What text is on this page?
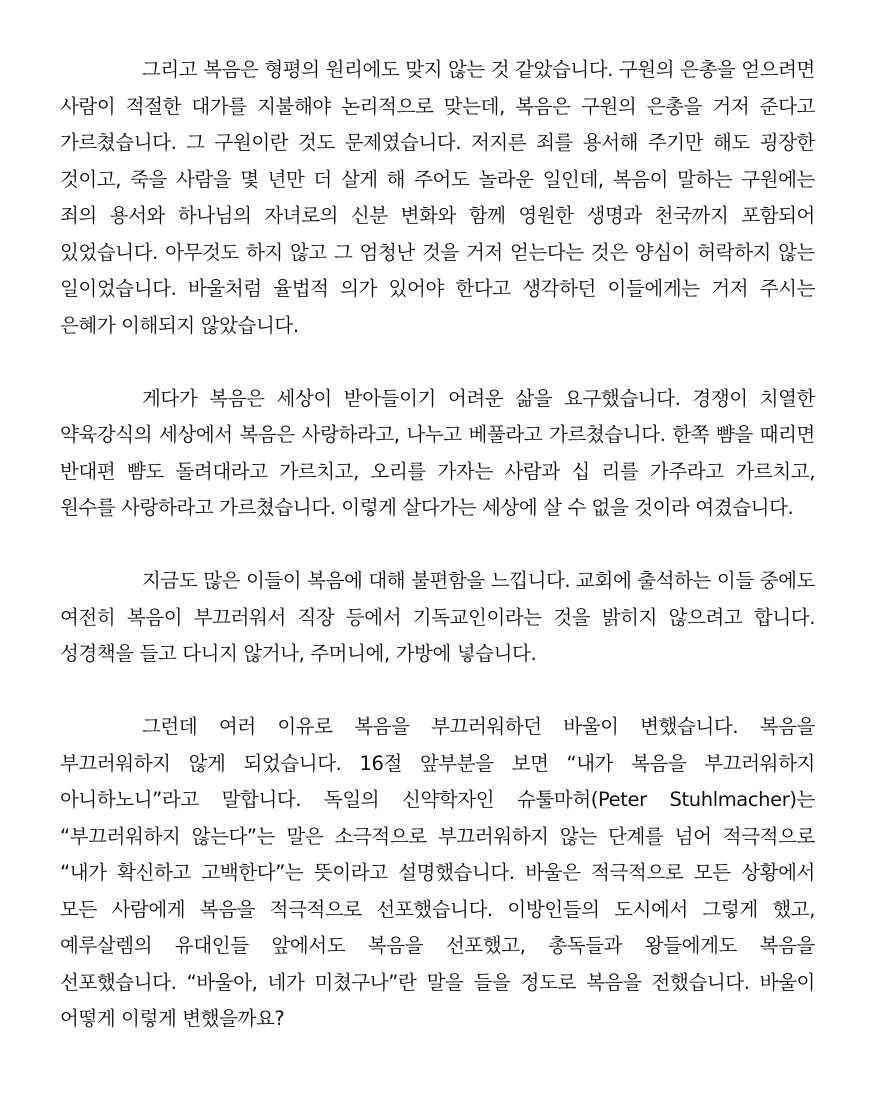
그리고 복음은 형평의 원리에도 맞지 않는 것 같았습니다. 구원의 은총을 얻으려면 사람이 적절한 대가를 지불해야 논리적으로 맞는데, 복음은 구원의 은총을 거저 준다고 가르쳤습니다. 그 구원이란 것도 문제였습니다. 저지른 죄를 용서해 주기만 해도 굉장한 것이고, 죽을 사람을 몇 년만 더 살게 해 주어도 놀라운 일인데, 복음이 말하는 구원에는 죄의 용서와 하나님의 자녀로의 신분 변화와 함께 영원한 생명과 천국까지 포함되어 있었습니다. 아무것도 하지 않고 그 엄청난 것을 거저 얻는다는 것은 양심이 허락하지 않는 일이었습니다. 바울처럼 율법적 의가 있어야 한다고 생각하던 이들에게는 거저 주시는 은혜가 이해되지 않았습니다.

게다가 복음은 세상이 받아들이기 어려운 삶을 요구했습니다. 경쟁이 치열한 약육강식의 세상에서 복음은 사랑하라고, 나누고 베풀라고 가르쳤습니다. 한쪽 뺨을 때리면 반대편 뺨도 돌려대라고 가르치고, 오리를 가자는 사람과 십 리를 가주라고 가르치고, 원수를 사랑하라고 가르쳤습니다. 이렇게 살다가는 세상에 살 수 없을 것이라 여겼습니다.

지금도 많은 이들이 복음에 대해 불편함을 느낍니다. 교회에 출석하는 이들 중에도 여전히 복음이 부끄러워서 직장 등에서 기독교인이라는 것을 밝히지 않으려고 합니다. 성경책을 들고 다니지 않거나, 주머니에, 가방에 넣습니다.

그런데 여러 이유로 복음을 부끄러워하던 바울이 변했습니다. 복음을 부끄러워하지 않게 되었습니다. 16절 앞부분을 보면 “내가 복음을 부끄러워하지 아니하노니”라고 말합니다. 독일의 신약학자인 슈툴마허(Peter Stuhlmacher)는 “부끄러워하지 않는다”는 말은 소극적으로 부끄러워하지 않는 단계를 넘어 적극적으로 “내가 확신하고 고백한다”는 뜻이라고 설명했습니다. 바울은 적극적으로 모든 상황에서 모든 사람에게 복음을 적극적으로 선포했습니다. 이방인들의 도시에서 그렇게 했고, 예루살렘의 유대인들 앞에서도 복음을 선포했고, 총독들과 왕들에게도 복음을 선포했습니다. “바울아, 네가 미쳤구나”란 말을 들을 정도로 복음을 전했습니다. 바울이 어떻게 이렇게 변했을까요?
